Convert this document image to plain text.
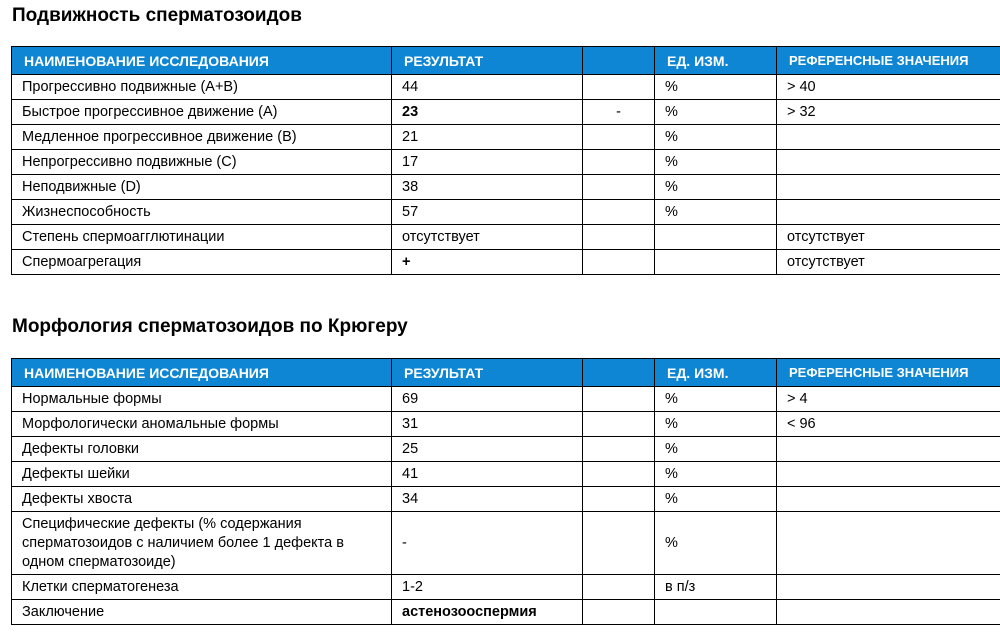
Подвижность сперматозоидов
НАИМЕНОВАНИЕ ИССЛЕДОВАНИЯ	РЕЗУЛЬТАТ		ЕД. ИЗМ.	РЕФЕРЕНСНЫЕ ЗНАЧЕНИЯ
Прогрессивно подвижные (A+B)	44		%	> 40
Быстрое прогрессивное движение (A)	23	-	%	> 32
Медленное прогрессивное движение (B)	21		%	
Непрогрессивно подвижные (C)	17		%	
Неподвижные (D)	38		%	
Жизнеспособность	57		%	
Степень спермоагглютинации	отсутствует			отсутствует
Спермоагрегация	+			отсутствует
Морфология сперматозоидов по Крюгеру
НАИМЕНОВАНИЕ ИССЛЕДОВАНИЯ	РЕЗУЛЬТАТ		ЕД. ИЗМ.	РЕФЕРЕНСНЫЕ ЗНАЧЕНИЯ
Нормальные формы	69		%	> 4
Морфологически аномальные формы	31		%	< 96
Дефекты головки	25		%	
Дефекты шейки	41		%	
Дефекты хвоста	34		%	
Специфические дефекты (% содержания сперматозоидов с наличием более 1 дефекта в одном сперматозоиде)	-		%	
Клетки сперматогенеза	1-2		в п/з	
Заключение	астенозооспермия			
